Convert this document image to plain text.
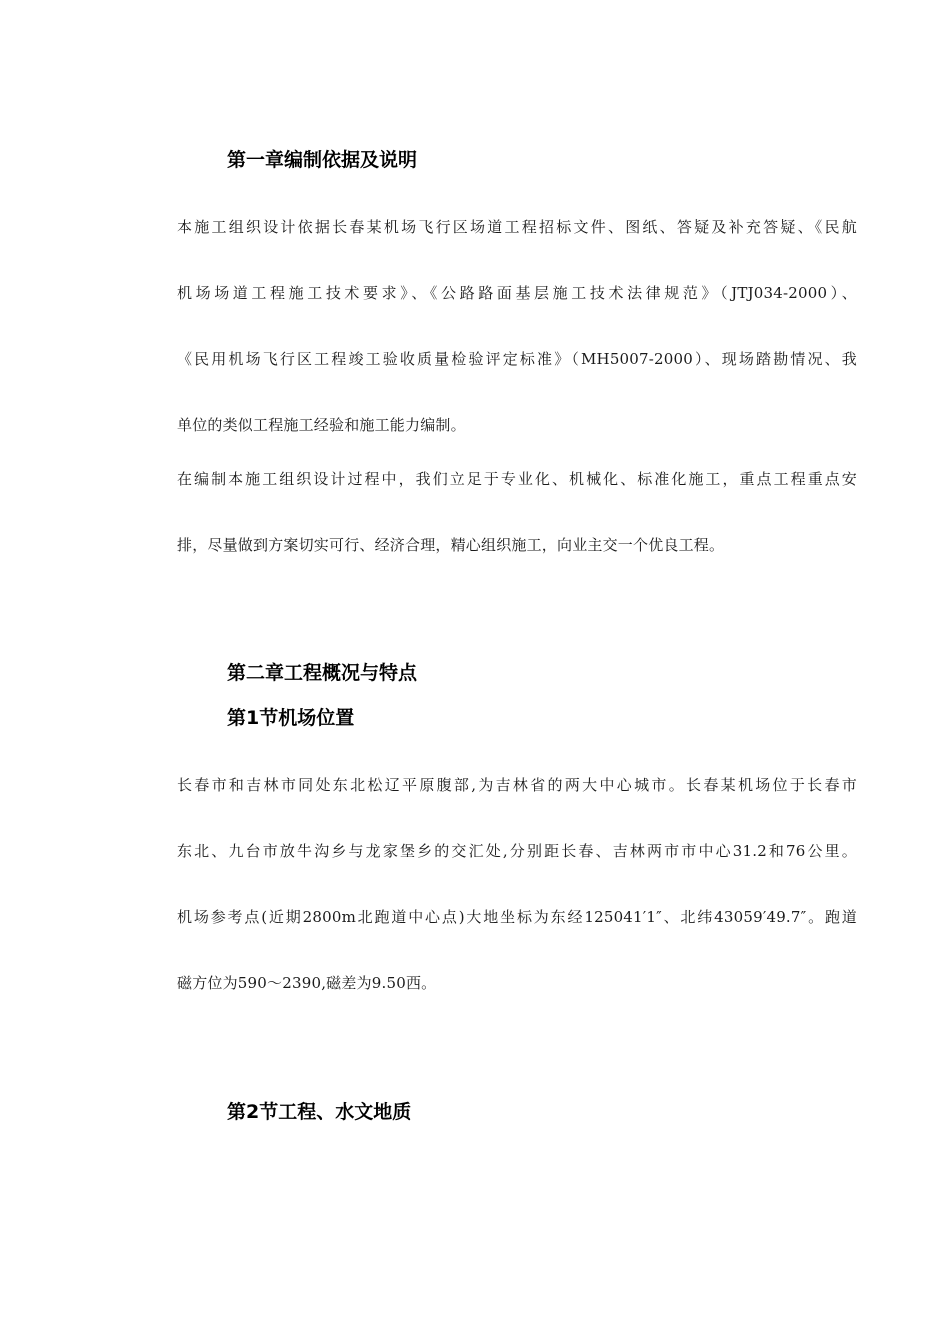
第一章编制依据及说明
本施工组织设计依据长春某机场飞行区场道工程招标文件、图纸、答疑及补充答疑、《民航
机场场道工程施工技术要求》、《公路路面基层施工技术法律规范》（JTJ034-2000）、
《民用机场飞行区工程竣工验收质量检验评定标准》（MH5007-2000）、现场踏勘情况、我
单位的类似工程施工经验和施工能力编制。
在编制本施工组织设计过程中，我们立足于专业化、机械化、标准化施工，重点工程重点安
排，尽量做到方案切实可行、经济合理，精心组织施工，向业主交一个优良工程。
第二章工程概况与特点
第1节机场位置
长春市和吉林市同处东北松辽平原腹部,为吉林省的两大中心城市。长春某机场位于长春市
东北、九台市放牛沟乡与龙家堡乡的交汇处,分别距长春、吉林两市市中心31.2和76公里。
机场参考点(近期2800m北跑道中心点)大地坐标为东经125041′1″、北纬43059′49.7″。跑道
磁方位为590～2390,磁差为9.50西。
第2节工程、水文地质
